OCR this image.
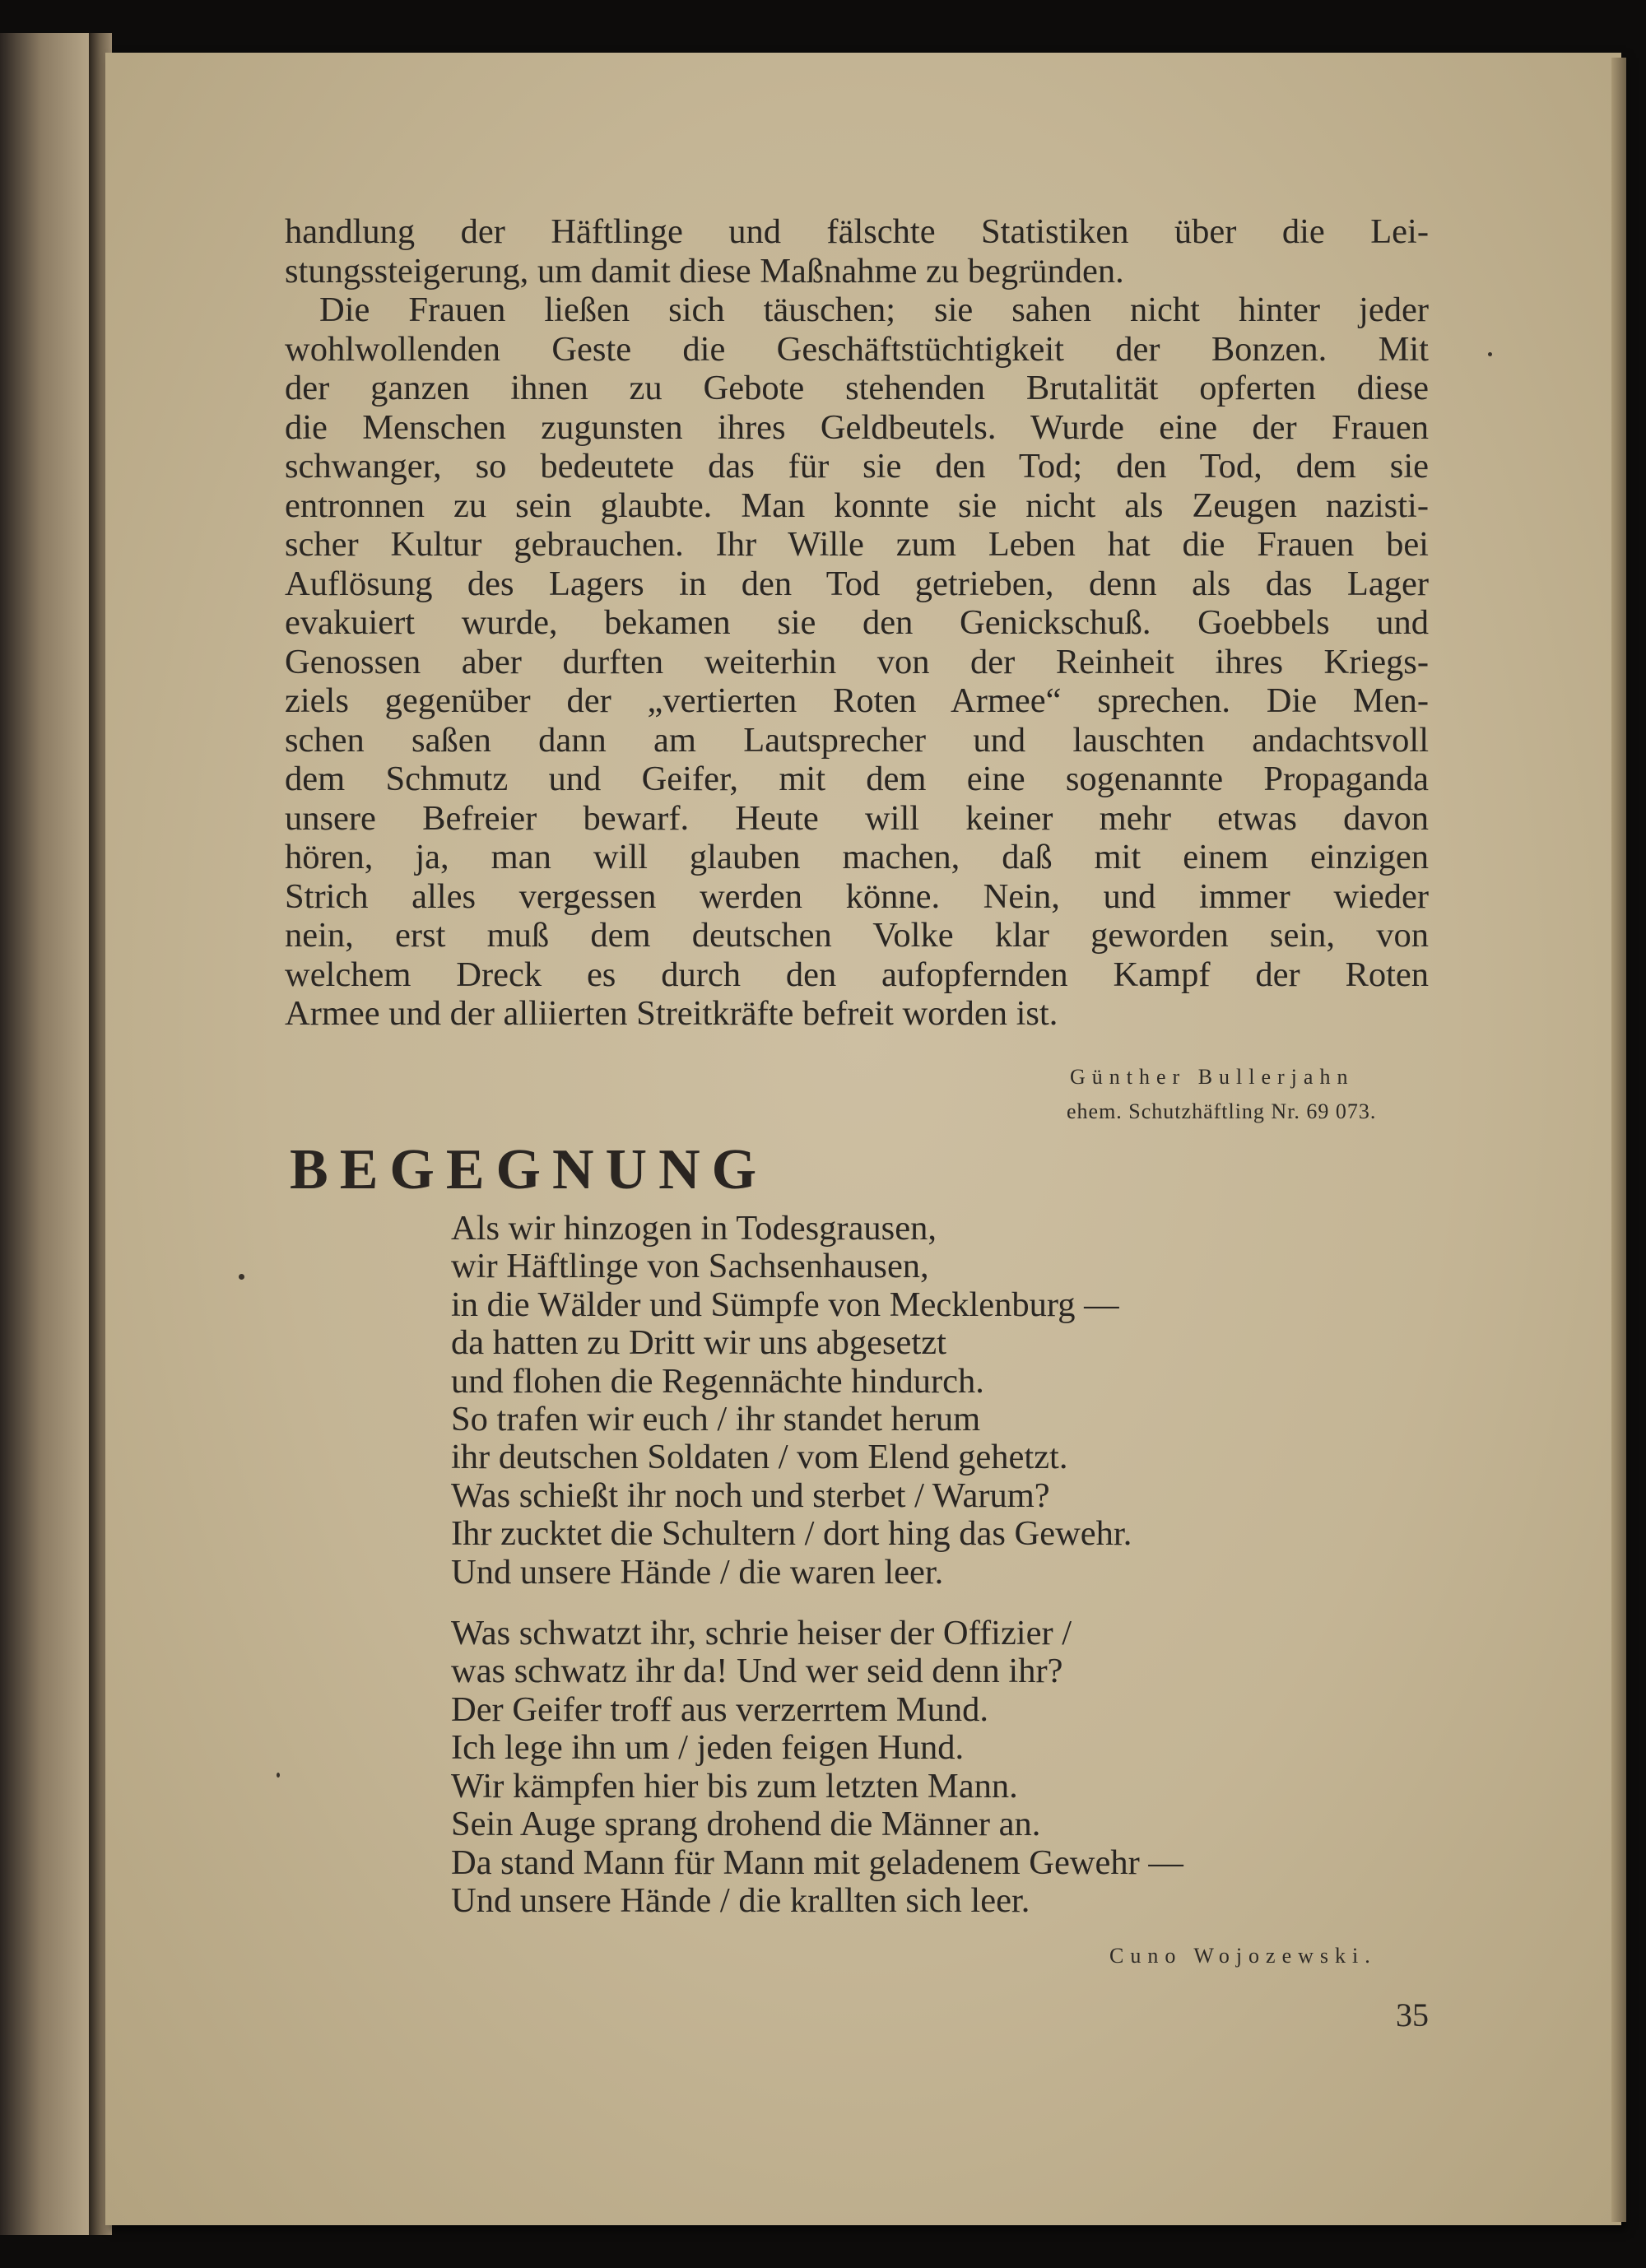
handlung der Häftlinge und fälschte Statistiken über die Lei-
stungssteigerung, um damit diese Maßnahme zu begründen.
Die Frauen ließen sich täuschen; sie sahen nicht hinter jeder
wohlwollenden Geste die Geschäftstüchtigkeit der Bonzen. Mit
der ganzen ihnen zu Gebote stehenden Brutalität opferten diese
die Menschen zugunsten ihres Geldbeutels. Wurde eine der Frauen
schwanger, so bedeutete das für sie den Tod; den Tod, dem sie
entronnen zu sein glaubte. Man konnte sie nicht als Zeugen nazisti-
scher Kultur gebrauchen. Ihr Wille zum Leben hat die Frauen bei
Auflösung des Lagers in den Tod getrieben, denn als das Lager
evakuiert wurde, bekamen sie den Genickschuß. Goebbels und
Genossen aber durften weiterhin von der Reinheit ihres Kriegs-
ziels gegenüber der „vertierten Roten Armee“ sprechen. Die Men-
schen saßen dann am Lautsprecher und lauschten andachtsvoll
dem Schmutz und Geifer, mit dem eine sogenannte Propaganda
unsere Befreier bewarf. Heute will keiner mehr etwas davon
hören, ja, man will glauben machen, daß mit einem einzigen
Strich alles vergessen werden könne. Nein, und immer wieder
nein, erst muß dem deutschen Volke klar geworden sein, von
welchem Dreck es durch den aufopfernden Kampf der Roten
Armee und der alliierten Streitkräfte befreit worden ist.
Günther Bullerjahn
ehem. Schutzhäftling Nr. 69 073.
BEGEGNUNG
Als wir hinzogen in Todesgrausen,
wir Häftlinge von Sachsenhausen,
in die Wälder und Sümpfe von Mecklenburg —
da hatten zu Dritt wir uns abgesetzt
und flohen die Regennächte hindurch.
So trafen wir euch / ihr standet herum
ihr deutschen Soldaten / vom Elend gehetzt.
Was schießt ihr noch und sterbet / Warum?
Ihr zucktet die Schultern / dort hing das Gewehr.
Und unsere Hände / die waren leer.
Was schwatzt ihr, schrie heiser der Offizier /
was schwatz ihr da! Und wer seid denn ihr?
Der Geifer troff aus verzerrtem Mund.
Ich lege ihn um / jeden feigen Hund.
Wir kämpfen hier bis zum letzten Mann.
Sein Auge sprang drohend die Männer an.
Da stand Mann für Mann mit geladenem Gewehr —
Und unsere Hände / die krallten sich leer.
Cuno Wojozewski.
35
